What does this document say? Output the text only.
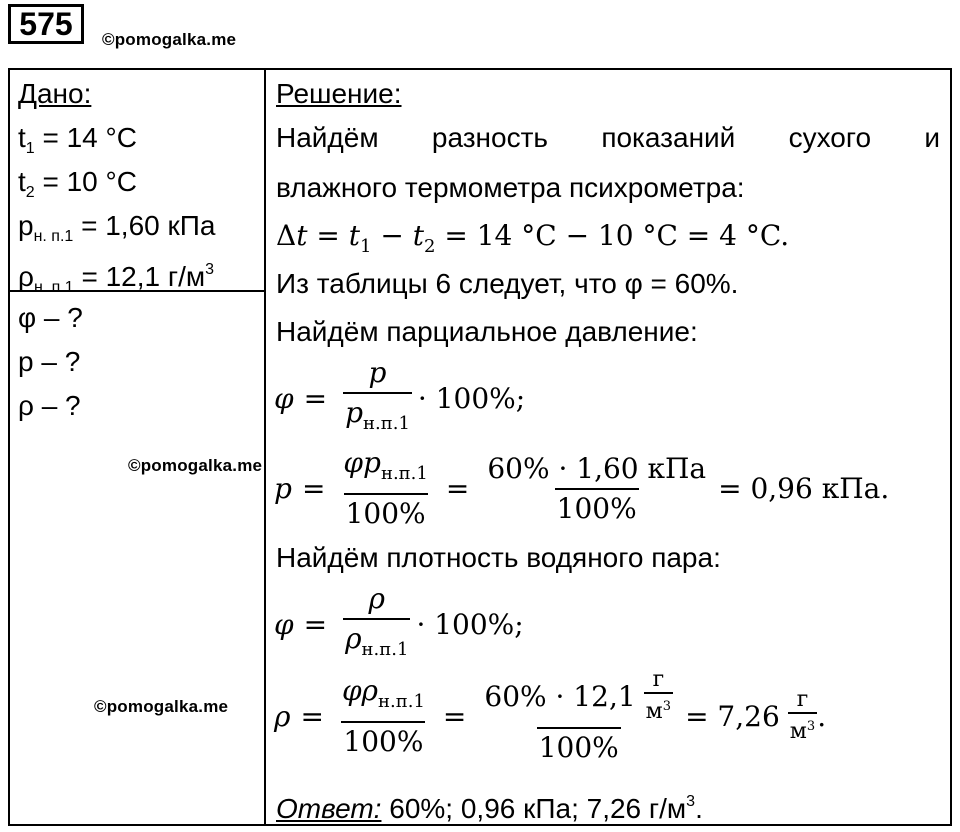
575	©pomogalka.me
Дано:
$t_1 = 14$ °C
$t_2 = 10$ °C
$p_{н. п.1} = 1,60$ кПа
$\rho_{н. п.1} = 12,1$ $г/м^3$
φ – ?
p – ?
ρ – ?
©pomogalka.me
©pomogalka.me
Решение:
Найдём разность показаний сухого и
влажного термометра психрометра:
$\Delta t = t_1 - t_2 = 14$ °C − 10 °C = 4 °C.
Из таблицы 6 следует, что φ = 60%.
Найдём парциальное давление:
$\varphi = \frac{p}{p_{н.п.1}} \cdot 100\%$;
$p = \frac{\varphi p_{н.п.1}}{100\%} = \frac{\text{60\% · 1,60 кПа}}{100\%} = 0,96$ кПа.
Найдём плотность водяного пара:
$\varphi = \frac{\rho}{\rho_{н.п.1}} \cdot 100\%$;
$\rho = \frac{\varphi\rho_{н.п.1}}{100\%} = \frac{60\% \cdot 12,1 \frac{г}{м^3}}{100\%} = 7,26 \frac{г}{м^3}$ .
Ответ: 60%; 0,96 кПа; 7,26 $г/м^3$.
